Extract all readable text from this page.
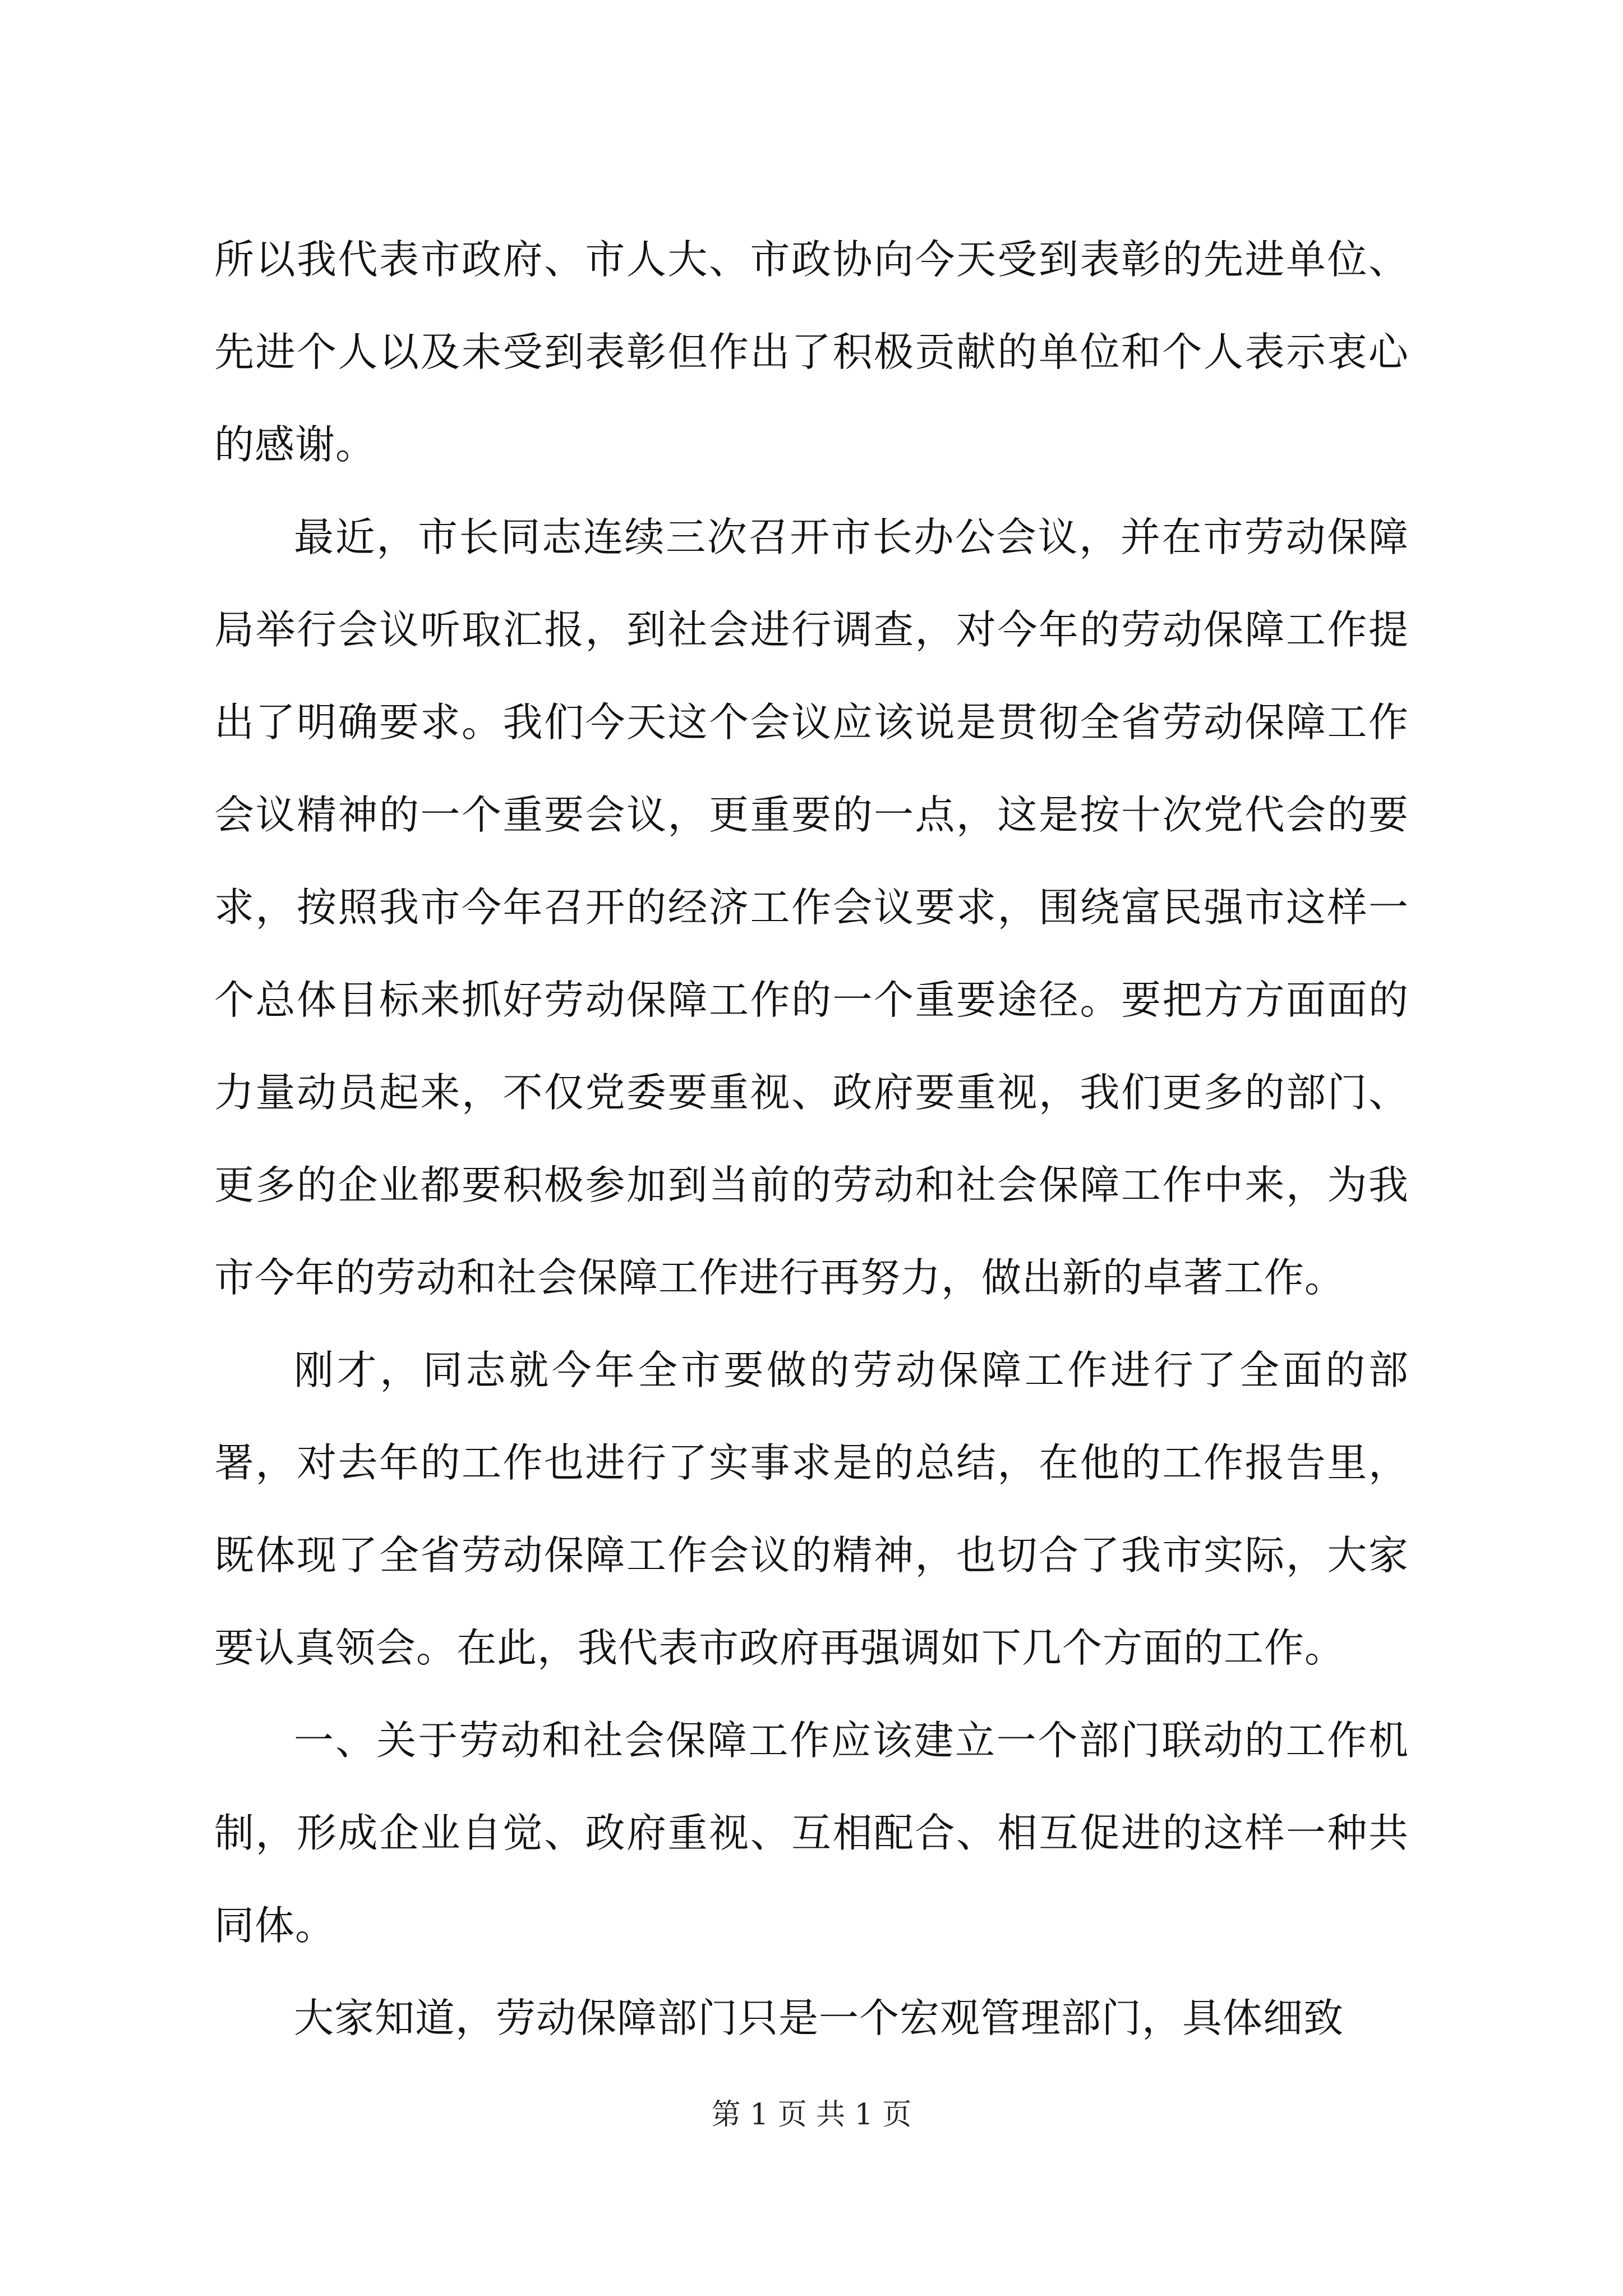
所以我代表市政府、市人大、市政协向今天受到表彰的先进单位、先进个人以及未受到表彰但作出了积极贡献的单位和个人表示衷心的感谢。

最近，市长同志连续三次召开市长办公会议，并在市劳动保障局举行会议听取汇报，到社会进行调查，对今年的劳动保障工作提出了明确要求。我们今天这个会议应该说是贯彻全省劳动保障工作会议精神的一个重要会议，更重要的一点，这是按十次党代会的要求，按照我市今年召开的经济工作会议要求，围绕富民强市这样一个总体目标来抓好劳动保障工作的一个重要途径。要把方方面面的力量动员起来，不仅党委要重视、政府要重视，我们更多的部门、更多的企业都要积极参加到当前的劳动和社会保障工作中来，为我市今年的劳动和社会保障工作进行再努力，做出新的卓著工作。

刚才，同志就今年全市要做的劳动保障工作进行了全面的部署，对去年的工作也进行了实事求是的总结，在他的工作报告里，既体现了全省劳动保障工作会议的精神，也切合了我市实际，大家要认真领会。在此，我代表市政府再强调如下几个方面的工作。

一、关于劳动和社会保障工作应该建立一个部门联动的工作机制，形成企业自觉、政府重视、互相配合、相互促进的这样一种共同体。

大家知道，劳动保障部门只是一个宏观管理部门，具体细致

第 1 页 共 1 页
